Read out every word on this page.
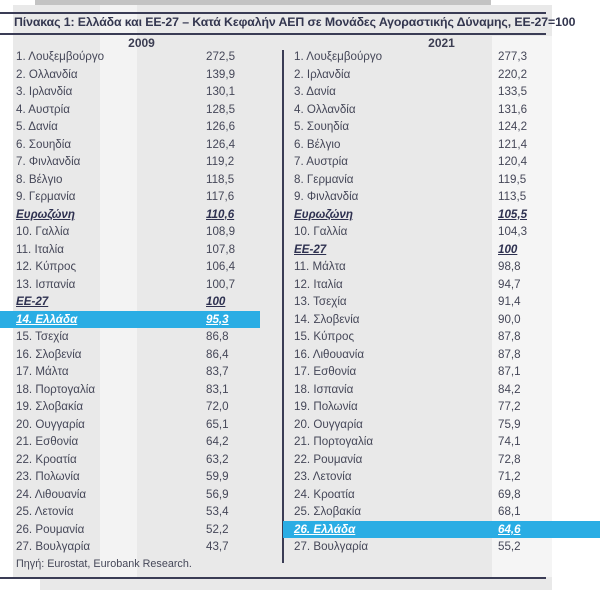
Πίνακας 1: Ελλάδα και ΕΕ-27 – Κατά Κεφαλήν ΑΕΠ σε Μονάδες Αγοραστικής Δύναμης, ΕΕ-27=100
2009	2021
1. Λουξεμβούργο	272,5
2. Ολλανδία	139,9
3. Ιρλανδία	130,1
4. Αυστρία	128,5
5. Δανία	126,6
6. Σουηδία	126,4
7. Φινλανδία	119,2
8. Βέλγιο	118,5
9. Γερμανία	117,6
Ευρωζώνη	110,6
10. Γαλλία	108,9
11. Ιταλία	107,8
12. Κύπρος	106,4
13. Ισπανία	100,7
ΕΕ-27	100
14. Ελλάδα	95,3
15. Τσεχία	86,8
16. Σλοβενία	86,4
17. Μάλτα	83,7
18. Πορτογαλία	83,1
19. Σλοβακία	72,0
20. Ουγγαρία	65,1
21. Εσθονία	64,2
22. Κροατία	63,2
23. Πολωνία	59,9
24. Λιθουανία	56,9
25. Λετονία	53,4
26. Ρουμανία	52,2
27. Βουλγαρία	43,7
1. Λουξεμβούργο	277,3
2. Ιρλανδία	220,2
3. Δανία	133,5
4. Ολλανδία	131,6
5. Σουηδία	124,2
6. Βέλγιο	121,4
7. Αυστρία	120,4
8. Γερμανία	119,5
9. Φινλανδία	113,5
Ευρωζώνη	105,5
10. Γαλλία	104,3
ΕΕ-27	100
11. Μάλτα	98,8
12. Ιταλία	94,7
13. Τσεχία	91,4
14. Σλοβενία	90,0
15. Κύπρος	87,8
16. Λιθουανία	87,8
17. Εσθονία	87,1
18. Ισπανία	84,2
19. Πολωνία	77,2
20. Ουγγαρία	75,9
21. Πορτογαλία	74,1
22. Ρουμανία	72,8
23. Λετονία	71,2
24. Κροατία	69,8
25. Σλοβακία	68,1
26. Ελλάδα	64,6
27. Βουλγαρία	55,2
Πηγή: Eurostat, Eurobank Research.
